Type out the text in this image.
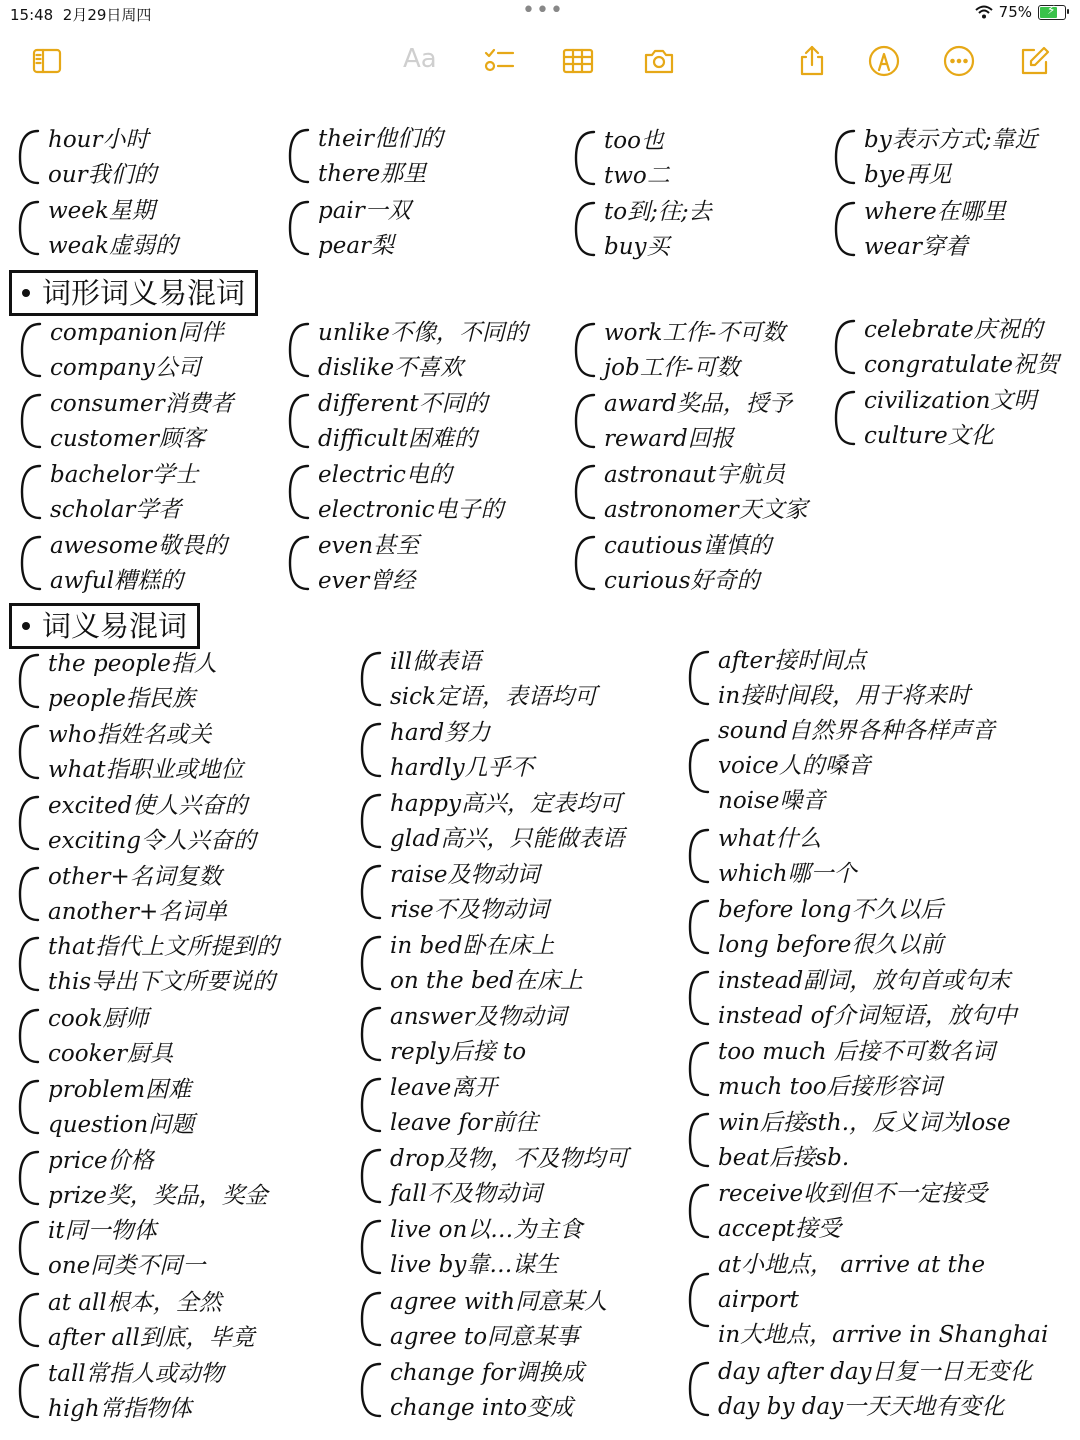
15:48 2月29日周四	•••	75% ⚡
Aa
词形词义易混词
词义易混词
hour小时
our我们的
week星期
weak虚弱的
their他们的
there那里
pair一双
pear梨
too也
two二
to到;往;去
buy买
by表示方式;靠近
bye再见
where在哪里
wear穿着
companion同伴
company公司
consumer消费者
customer顾客
bachelor学士
scholar学者
awesome敬畏的
awful糟糕的
unlike不像，不同的
dislike不喜欢
different不同的
difficult困难的
electric电的
electronic电子的
even甚至
ever曾经
work工作-不可数
job工作-可数
award奖品，授予
reward回报
astronaut宇航员
astronomer天文家
cautious谨慎的
curious好奇的
celebrate庆祝的
congratulate祝贺
civilization文明
culture文化
the people指人
people指民族
who指姓名或关
what指职业或地位
excited使人兴奋的
exciting令人兴奋的
other+名词复数
another+名词单
that指代上文所提到的
this导出下文所要说的
cook厨师
cooker厨具
problem困难
question问题
price价格
prize奖，奖品，奖金
it同一物体
one同类不同一
at all根本，全然
after all到底，毕竟
tall常指人或动物
high常指物体
ill做表语
sick定语，表语均可
hard努力
hardly几乎不
happy高兴，定表均可
glad高兴，只能做表语
raise及物动词
rise不及物动词
in bed卧在床上
on the bed在床上
answer及物动词
reply后接 to
leave离开
leave for前往
drop及物，不及物均可
fall不及物动词
live on以…为主食
live by靠…谋生
agree with同意某人
agree to同意某事
change for调换成
change into变成
after接时间点
in接时间段，用于将来时
sound自然界各种各样声音
voice人的嗓音
noise噪音
what什么
which哪一个
before long不久以后
long before很久以前
instead副词，放句首或句末
instead of介词短语，放句中
too much 后接不可数名词
much too后接形容词
win后接sth.，反义词为lose
beat后接sb.
receive收到但不一定接受
accept接受
at小地点， arrive at the
airport
in大地点，arrive in Shanghai
day after day日复一日无变化
day by day一天天地有变化
